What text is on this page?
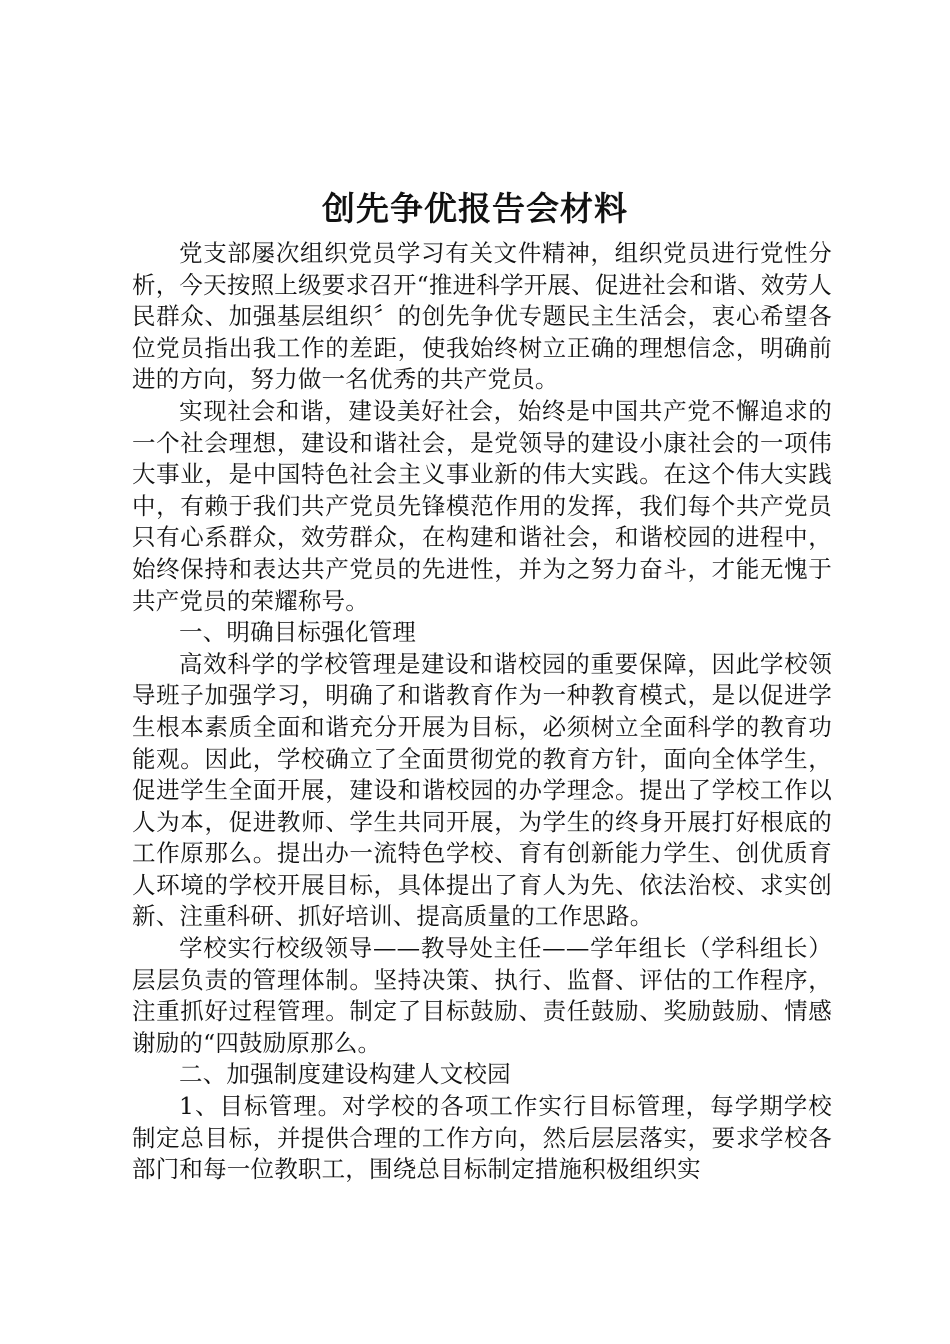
创先争优报告会材料

党支部屡次组织党员学习有关文件精神，组织党员进行党性分析，今天按照上级要求召开“推进科学开展、促进社会和谐、效劳人民群众、加强基层组织〞的创先争优专题民主生活会，衷心希望各位党员指出我工作的差距，使我始终树立正确的理想信念，明确前进的方向，努力做一名优秀的共产党员。

实现社会和谐，建设美好社会，始终是中国共产党不懈追求的一个社会理想，建设和谐社会，是党领导的建设小康社会的一项伟大事业，是中国特色社会主义事业新的伟大实践。在这个伟大实践中，有赖于我们共产党员先锋模范作用的发挥，我们每个共产党员只有心系群众，效劳群众，在构建和谐社会，和谐校园的进程中，始终保持和表达共产党员的先进性，并为之努力奋斗，才能无愧于共产党员的荣耀称号。

一、明确目标强化管理

高效科学的学校管理是建设和谐校园的重要保障，因此学校领导班子加强学习，明确了和谐教育作为一种教育模式，是以促进学生根本素质全面和谐充分开展为目标，必须树立全面科学的教育功能观。因此，学校确立了全面贯彻党的教育方针，面向全体学生，促进学生全面开展，建设和谐校园的办学理念。提出了学校工作以人为本，促进教师、学生共同开展，为学生的终身开展打好根底的工作原那么。提出办一流特色学校、育有创新能力学生、创优质育人环境的学校开展目标，具体提出了育人为先、依法治校、求实创新、注重科研、抓好培训、提高质量的工作思路。

学校实行校级领导——教导处主任——学年组长（学科组长）层层负责的管理体制。坚持决策、执行、监督、评估的工作程序，注重抓好过程管理。制定了目标鼓励、责任鼓励、奖励鼓励、情感谢励的“四鼓励原那么。

二、加强制度建设构建人文校园

1、目标管理。对学校的各项工作实行目标管理，每学期学校制定总目标，并提供合理的工作方向，然后层层落实，要求学校各部门和每一位教职工，围绕总目标制定措施积极组织实
